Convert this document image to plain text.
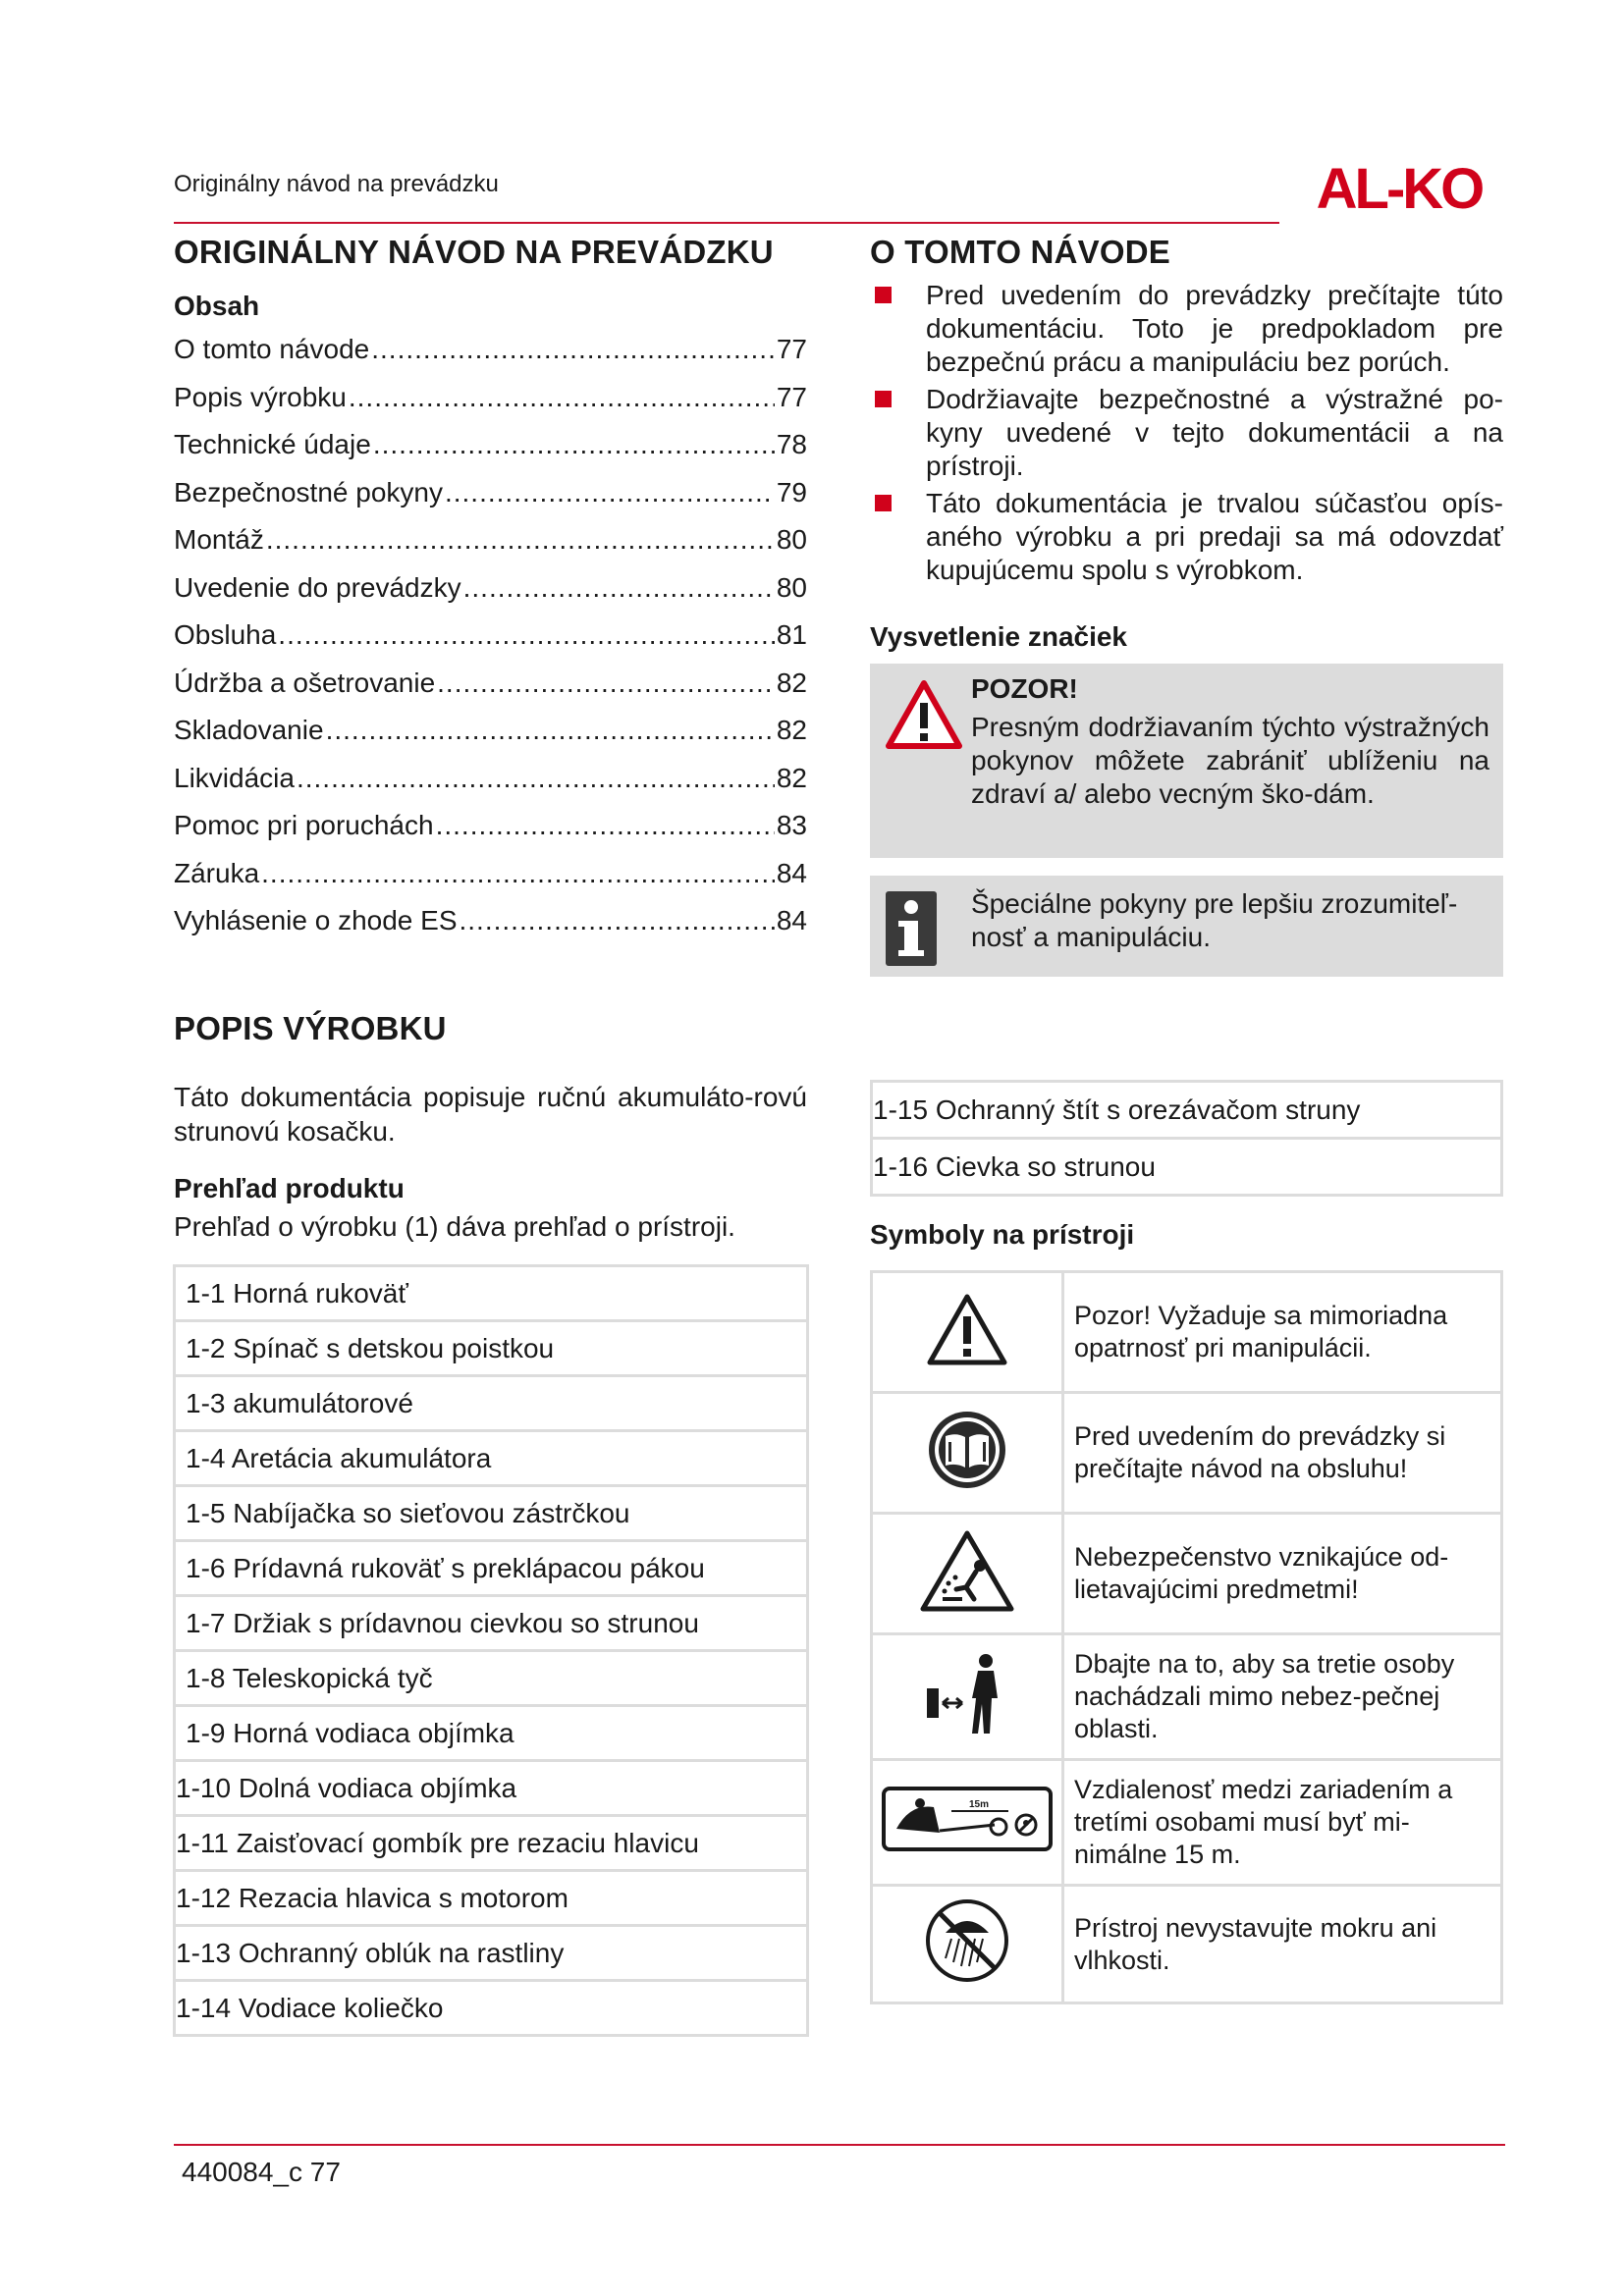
Originálny návod na prevádzku	AL-KO
ORIGINÁLNY NÁVOD NA PREVÁDZKU
Obsah
O tomto návode .....	77
Popis výrobku .....	77
Technické údaje .....	78
Bezpečnostné pokyny .....	79
Montáž .....	80
Uvedenie do prevádzky .....	80
Obsluha .....	81
Údržba a ošetrovanie .....	82
Skladovanie .....	82
Likvidácia .....	82
Pomoc pri poruchách .....	83
Záruka .....	84
Vyhlásenie o zhode ES .....	84
POPIS VÝROBKU
Táto dokumentácia popisuje ručnú akumuláto-rovú strunovú kosačku.
Prehľad produktu
Prehľad o výrobku (1) dáva prehľad o prístroji.
1-1 Horná rukoväť
1-2 Spínač s detskou poistkou
1-3 akumulátorové
1-4 Aretácia akumulátora
1-5 Nabíjačka so sieťovou zástrčkou
1-6 Prídavná rukoväť s preklápacou pákou
1-7 Držiak s prídavnou cievkou so strunou
1-8 Teleskopická tyč
1-9 Horná vodiaca objímka
1-10 Dolná vodiaca objímka
1-11 Zaisťovací gombík pre rezaciu hlavicu
1-12 Rezacia hlavica s motorom
1-13 Ochranný oblúk na rastliny
1-14 Vodiace koliečko
O TOMTO NÁVODE
Pred uvedením do prevádzky prečítajte túto dokumentáciu. Toto je predpokladom pre bezpečnú prácu a manipuláciu bez porúch.
Dodržiavajte bezpečnostné a výstražné po-kyny uvedené v tejto dokumentácii a na prístroji.
Táto dokumentácia je trvalou súčasťou opís-aného výrobku a pri predaji sa má odovzdať kupujúcemu spolu s výrobkom.
Vysvetlenie značiek
POZOR!
Presným dodržiavaním týchto výstražných pokynov môžete zabrániť ublíženiu na zdraví a/ alebo vecným ško-dám.
Špeciálne pokyny pre lepšiu zrozumiteľ-nosť a manipuláciu.
1-15 Ochranný štít s orezávačom struny
1-16 Cievka so strunou
Symboly na prístroji
	Pozor! Vyžaduje sa mimoriadna opatrnosť pri manipulácii.
	Pred uvedením do prevádzky si prečítajte návod na obsluhu!
	Nebezpečenstvo vznikajúce od-lietavajúcimi predmetmi!
	Dbajte na to, aby sa tretie osoby nachádzali mimo nebez-pečnej oblasti.

15m	Vzdialenosť medzi zariadením a tretími osobami musí byť mi-nimálne 15 m.
	Prístroj nevystavujte mokru ani vlhkosti.
440084_c 77
